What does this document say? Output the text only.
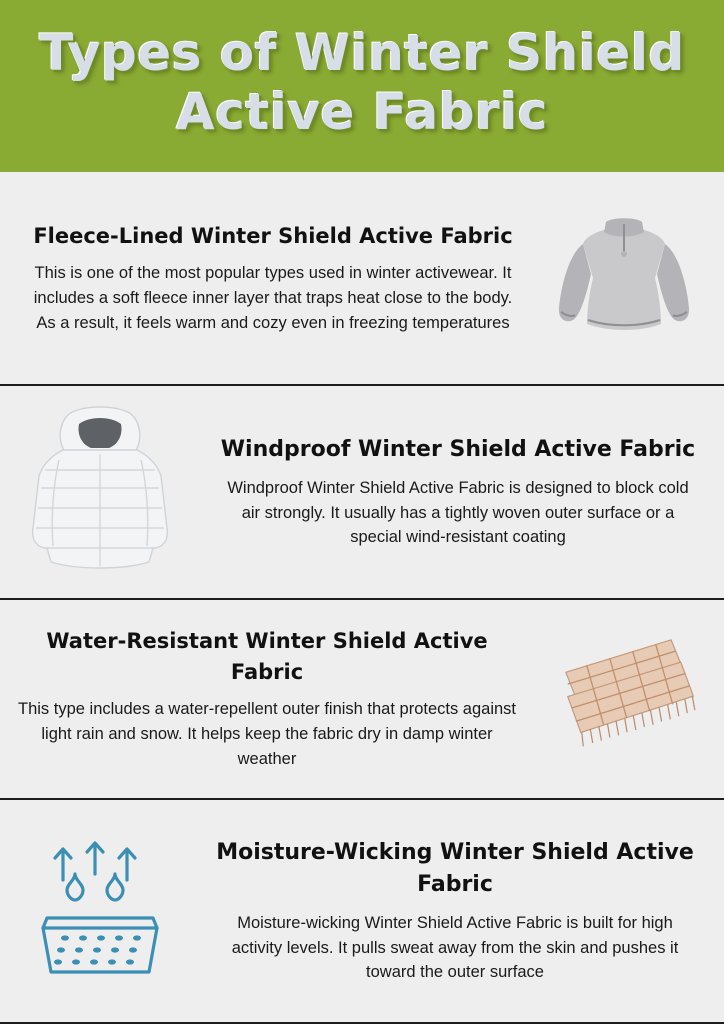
Types of Winter Shield Active Fabric

Fleece-Lined Winter Shield Active Fabric

This is one of the most popular types used in winter activewear. It includes a soft fleece inner layer that traps heat close to the body. As a result, it feels warm and cozy even in freezing temperatures

Windproof Winter Shield Active Fabric

Windproof Winter Shield Active Fabric is designed to block cold air strongly. It usually has a tightly woven outer surface or a special wind-resistant coating

Water-Resistant Winter Shield Active Fabric

This type includes a water-repellent outer finish that protects against light rain and snow. It helps keep the fabric dry in damp winter weather

Moisture-Wicking Winter Shield Active Fabric

Moisture-wicking Winter Shield Active Fabric is built for high activity levels. It pulls sweat away from the skin and pushes it toward the outer surface
